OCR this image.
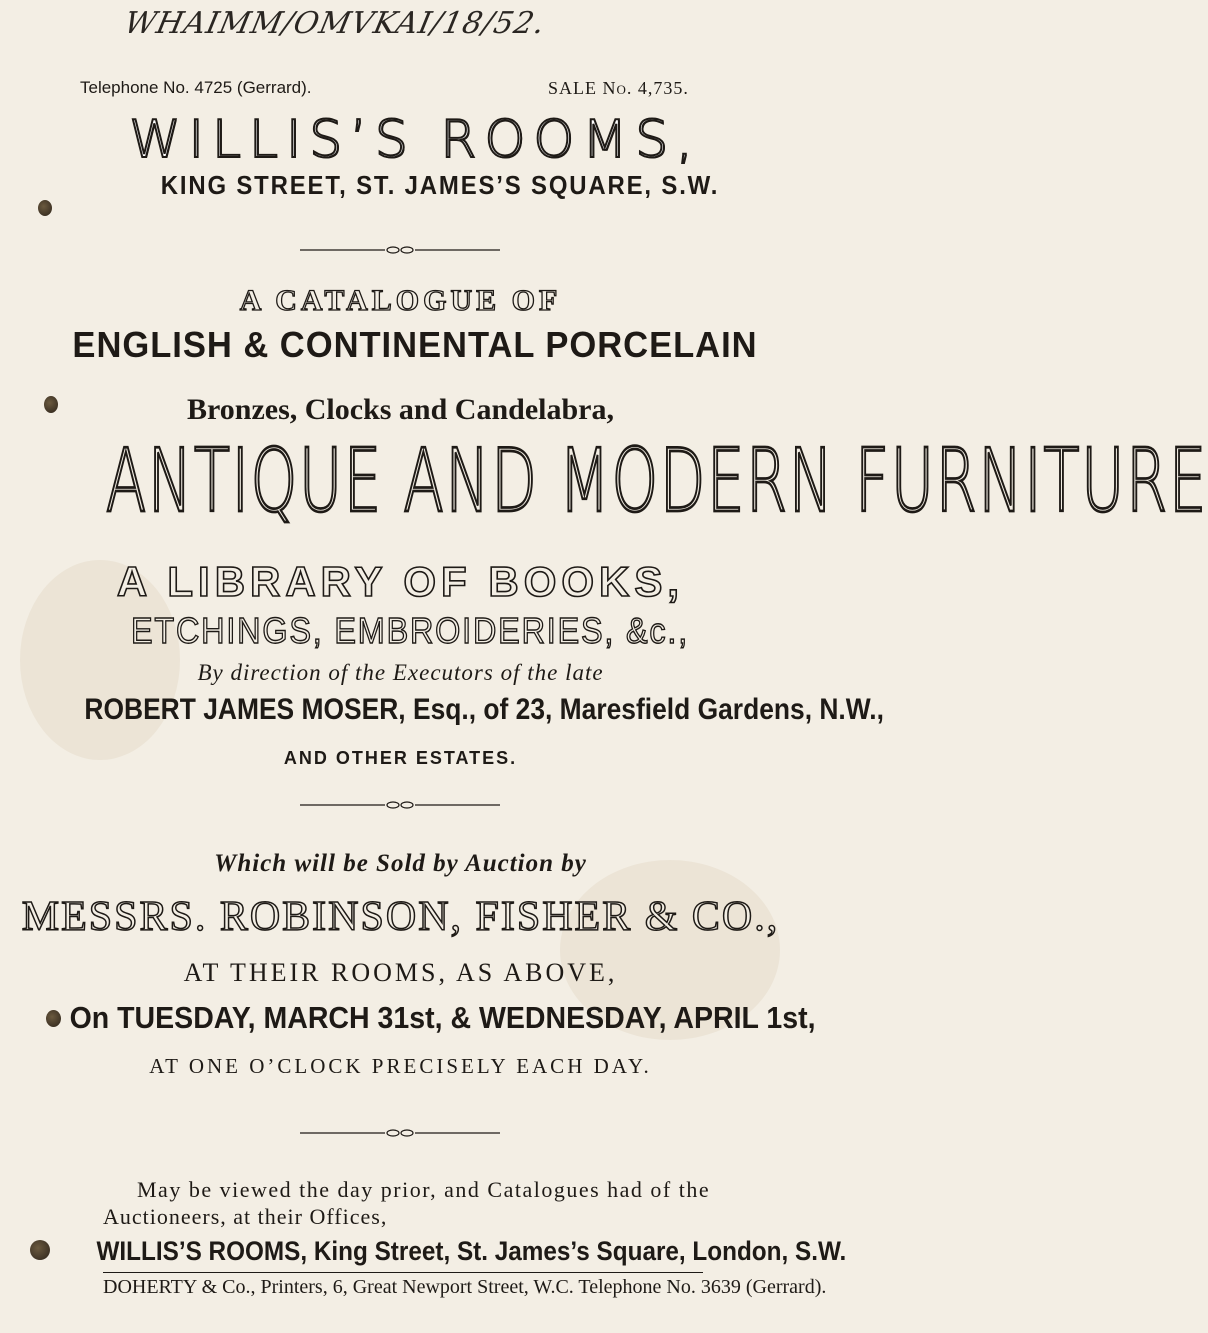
WHAIMM/OMVKAI/18/52.
Telephone No. 4725 (Gerrard).	SALE No. 4,735.
WILLIS’S ROOMS,
KING STREET, ST. JAMES’S SQUARE, S.W.
A CATALOGUE OF
ENGLISH & CONTINENTAL PORCELAIN
Bronzes, Clocks and Candelabra,
ANTIQUE AND MODERN FURNITURE
A LIBRARY OF BOOKS,
ETCHINGS, EMBROIDERIES, &c.,
By direction of the Executors of the late
ROBERT JAMES MOSER, Esq., of 23, Maresfield Gardens, N.W.,
AND OTHER ESTATES.
Which will be Sold by Auction by
MESSRS. ROBINSON, FISHER & CO.,
AT THEIR ROOMS, AS ABOVE,
On TUESDAY, MARCH 31st, & WEDNESDAY, APRIL 1st,
AT ONE O’CLOCK PRECISELY EACH DAY.
May be viewed the day prior, and Catalogues had of the
Auctioneers, at their Offices,
WILLIS’S ROOMS, King Street, St. James’s Square, London, S.W.
DOHERTY & Co., Printers, 6, Great Newport Street, W.C. Telephone No. 3639 (Gerrard).
